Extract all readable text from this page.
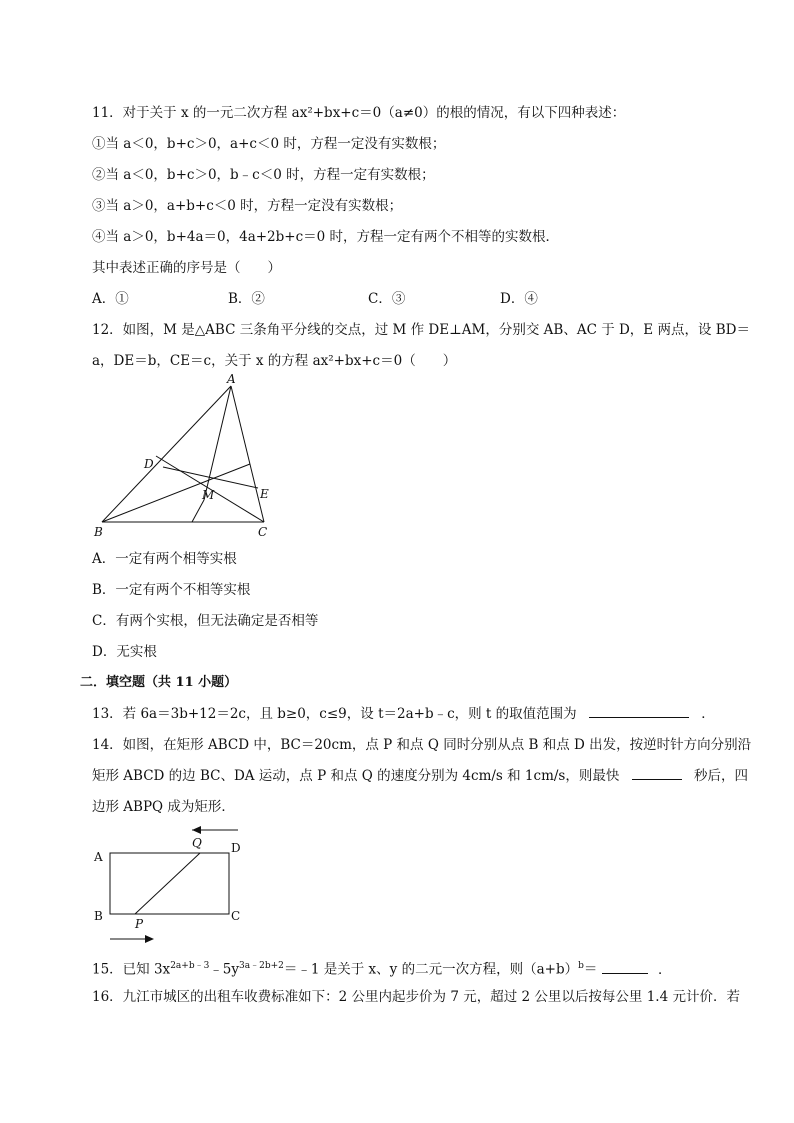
11．对于关于 x 的一元二次方程 ax²+bx+c＝0（a≠0）的根的情况，有以下四种表述：
①当 a＜0，b+c＞0，a+c＜0 时，方程一定没有实数根；
②当 a＜0，b+c＞0，b﹣c＜0 时，方程一定有实数根；
③当 a＞0，a+b+c＜0 时，方程一定没有实数根；
④当 a＞0，b+4a＝0，4a+2b+c＝0 时，方程一定有两个不相等的实数根．
其中表述正确的序号是（　　）
A．①	B．②	C．③	D．④
12．如图，M 是△ABC 三条角平分线的交点，过 M 作 DE⊥AM，分别交 AB、AC 于 D，E 两点，设 BD＝
a，DE＝b，CE＝c，关于 x 的方程 ax²+bx+c＝0（　　）
A
B	C
D
E
M
A．一定有两个相等实根
B．一定有两个不相等实根
C．有两个实根，但无法确定是否相等
D．无实根
二．填空题（共 11 小题）
13．若 6a＝3b+12＝2c，且 b≥0，c≤9，设 t＝2a+b﹣c，则 t 的取值范围为	．
14．如图，在矩形 ABCD 中，BC＝20cm，点 P 和点 Q 同时分别从点 B 和点 D 出发，按逆时针方向分别沿
矩形 ABCD 的边 BC、DA 运动，点 P 和点 Q 的速度分别为 4cm/s 和 1cm/s，则最快	秒后，四
边形 ABPQ 成为矩形．
A
B	C
D
P
Q
15．已知 $3x^{2a+b﹣3}﹣5y^{3a﹣2b+2}=﹣1$ 是关于 x、y 的二元一次方程，则$(a+b)^b=$	．
16．九江市城区的出租车收费标准如下：2 公里内起步价为 7 元，超过 2 公里以后按每公里 1.4 元计价．若
